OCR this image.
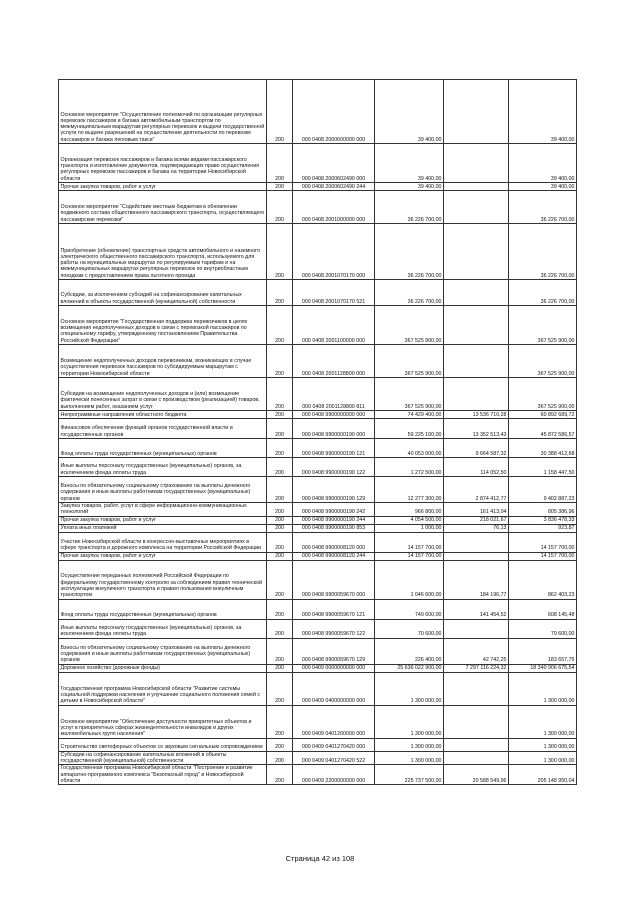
Основное мероприятие "Осуществление полномочий по организации регулярных перевозок пассажиров и багажа автомобильным транспортом по межмуниципальным маршрутам регулярных перевозок и выдачи государственной услуги по выдаче разрешений на осуществление деятельности по перевозке пассажиров и багажа легковым такси"	200	000 0408 2000600000 000	39 400,00		39 400,00
Организация перевозок пассажиров и багажа всеми видами пассажирского транспорта и изготовление документов, подтверждающих право осуществления регулярных перевозок пассажиров и багажа на территории Новосибирской области	200	000 0408 2000602490 000	39 400,00		39 400,00
Прочая закупка товаров, работ и услуг	200	000 0408 2000602490 244	39 400,00		39 400,00
Основное мероприятие "Содействие местным бюджетам в обновлении подвижного состава общественного пассажирского транспорта, осуществляющего пассажирские перевозки"	200	000 0408 2001000000 000	36 226 700,00		36 226 700,00
Приобретение (обновление) транспортных средств автомобильного и наземного электрического общественного пассажирского транспорта, используемого для работы на муниципальных маршрутах по регулируемым тарифам и на межмуниципальных маршрутах регулярных перевозок по внутриобластным поездкам с предоставлением права льготного проезда	200	000 0408 2001070170 000	36 226 700,00		36 226 700,00
Субсидии, за исключением субсидий на софинансирование капитальных вложений в объекты государственной (муниципальной) собственности	200	000 0408 2001070170 521	36 226 700,00		36 226 700,00
Основное мероприятие "Государственная поддержка перевозчиков в целях возмещения недополученных доходов в связи с перевозкой пассажиров по специальному тарифу, утвержденному постановлением Правительства Российской Федерации"	200	000 0408 2001100000 000	367 525 900,00		367 525 900,00
Возмещение недополученных доходов перевозчикам, возникающих в случае осуществления перевозок пассажиров по субсидируемым маршрутам с территории Новосибирской области	200	000 0408 2001128800 000	367 525 900,00		367 525 900,00
Субсидии на возмещение недополученных доходов и (или) возмещение фактически понесенных затрат в связи с производством (реализацией) товаров, выполнением работ, оказанием услуг	200	000 0408 2001128800 811	367 525 900,00		367 525 900,00
Непрограммные направления областного бюджета	200	000 0408 9900000000 000	74 429 400,00	13 536 710,28	60 892 689,72
Финансовое обеспечение функций органов государственной власти и государственных органов	200	000 0408 9900000190 000	59 225 100,00	13 352 513,43	45 872 586,57
Фонд оплаты труда государственных (муниципальных) органов	200	000 0408 9900000190 121	40 053 000,00	9 664 587,32	30 388 412,68
Иные выплаты персоналу государственных (муниципальных) органов, за исключением фонда оплаты труда	200	000 0408 9900000190 122	1 272 500,00	114 052,50	1 158 447,50
Взносы по обязательному социальному страхованию на выплаты денежного содержания и иные выплаты работникам государственных (муниципальных) органов	200	000 0408 9900000190 129	12 277 300,00	2 874 412,77	9 402 887,23
Закупка товаров, работ, услуг в сфере информационно-коммуникационных технологий	200	000 0408 9900000190 242	966 800,00	161 413,04	805 386,96
Прочая закупка товаров, работ и услуг	200	000 0408 9900000190 244	4 054 500,00	218 021,67	3 836 478,33
Уплата иных платежей	200	000 0408 9900000190 853	1 000,00	76,13	923,87
Участие Новосибирской области в конгрессно-выставочных мероприятиях в сфере транспорта и дорожного комплекса на территории Российской Федерации	200	000 0408 9900008120 000	14 157 700,00		14 157 700,00
Прочая закупка товаров, работ и услуг	200	000 0408 9900008120 244	14 157 700,00		14 157 700,00
Осуществление переданных полномочий Российской Федерации по федеральному государственному контролю за соблюдением правил технической эксплуатации внеуличного транспорта и правил пользования внеуличным транспортом	200	000 0408 9900059670 000	1 046 600,00	184 196,77	862 403,23
Фонд оплаты труда государственных (муниципальных) органов	200	000 0408 9900059670 121	749 600,00	141 454,52	608 145,48
Иные выплаты персоналу государственных (муниципальных) органов, за исключением фонда оплаты труда	200	000 0408 9900059670 122	70 600,00		70 600,00
Взносы по обязательному социальному страхованию на выплаты денежного содержания и иные выплаты работникам государственных (муниципальных) органов	200	000 0408 9900059670 129	226 400,00	42 742,25	183 657,75
Дорожное хозяйство (дорожные фонды)	200	000 0409 0000000000 000	25 636 022 900,00	7 297 116 224,32	18 340 906 675,54
Государственная программа Новосибирской области "Развитие системы социальной поддержки населения и улучшение социального положения семей с детьми в Новосибирской области"	200	000 0409 0400000000 000	1 300 000,00		1 300 000,00
Основное мероприятие "Обеспечение доступности приоритетных объектов и услуг в приоритетных сферах жизнедеятельности инвалидов и других маломобильных групп населения"	200	000 0409 0401200000 000	1 300 000,00		1 300 000,00
Строительство светофорных объектов со звуковым сигнальным сопровождением	200	000 0409 0401270420 000	1 300 000,00		1 300 000,00
Субсидии на софинансирование капитальных вложений в объекты государственной (муниципальной) собственности	200	000 0409 0401270420 522	1 300 000,00		1 300 000,00
Государственная программа Новосибирской области "Построение и развитие аппаратно-программного комплекса "Безопасный город" в Новосибирской области	200	000 0409 2200000000 000	225 737 500,00	20 588 549,96	205 148 950,04
Страница 42 из 108
